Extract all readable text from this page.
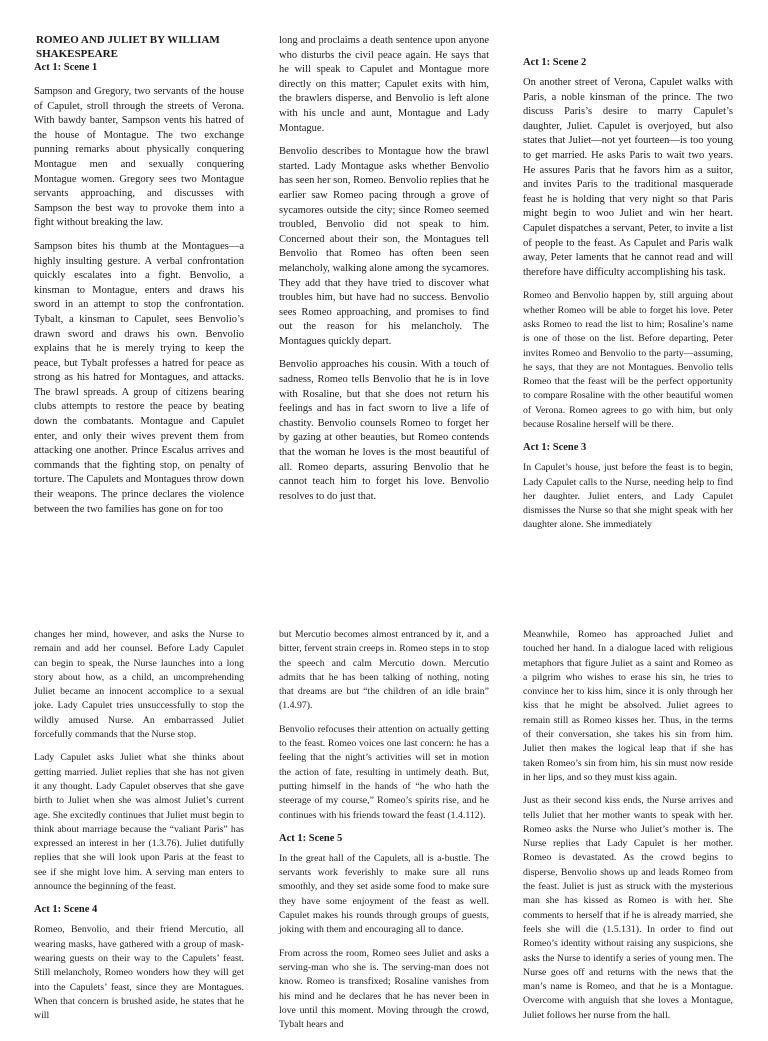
ROMEO AND JULIET BY WILLIAM SHAKESPEARE
Act 1: Scene 1

Sampson and Gregory, two servants of the house of Capulet, stroll through the streets of Verona. With bawdy banter, Sampson vents his hatred of the house of Montague. The two exchange punning remarks about physically conquering Montague men and sexually conquering Montague women. Gregory sees two Montague servants approaching, and discusses with Sampson the best way to provoke them into a fight without breaking the law.

Sampson bites his thumb at the Montagues—a highly insulting gesture. A verbal confrontation quickly escalates into a fight. Benvolio, a kinsman to Montague, enters and draws his sword in an attempt to stop the confrontation. Tybalt, a kinsman to Capulet, sees Benvolio’s drawn sword and draws his own. Benvolio explains that he is merely trying to keep the peace, but Tybalt professes a hatred for peace as strong as his hatred for Montagues, and attacks. The brawl spreads. A group of citizens bearing clubs attempts to restore the peace by beating down the combatants. Montague and Capulet enter, and only their wives prevent them from attacking one another. Prince Escalus arrives and commands that the fighting stop, on penalty of torture. The Capulets and Montagues throw down their weapons. The prince declares the violence between the two families has gone on for too

long and proclaims a death sentence upon anyone who disturbs the civil peace again. He says that he will speak to Capulet and Montague more directly on this matter; Capulet exits with him, the brawlers disperse, and Benvolio is left alone with his uncle and aunt, Montague and Lady Montague.

Benvolio describes to Montague how the brawl started. Lady Montague asks whether Benvolio has seen her son, Romeo. Benvolio replies that he earlier saw Romeo pacing through a grove of sycamores outside the city; since Romeo seemed troubled, Benvolio did not speak to him. Concerned about their son, the Montagues tell Benvolio that Romeo has often been seen melancholy, walking alone among the sycamores. They add that they have tried to discover what troubles him, but have had no success. Benvolio sees Romeo approaching, and promises to find out the reason for his melancholy. The Montagues quickly depart.

Benvolio approaches his cousin. With a touch of sadness, Romeo tells Benvolio that he is in love with Rosaline, but that she does not return his feelings and has in fact sworn to live a life of chastity. Benvolio counsels Romeo to forget her by gazing at other beauties, but Romeo contends that the woman he loves is the most beautiful of all. Romeo departs, assuring Benvolio that he cannot teach him to forget his love. Benvolio resolves to do just that.

Act 1: Scene 2

On another street of Verona, Capulet walks with Paris, a noble kinsman of the prince. The two discuss Paris’s desire to marry Capulet’s daughter, Juliet. Capulet is overjoyed, but also states that Juliet—not yet fourteen—is too young to get married. He asks Paris to wait two years. He assures Paris that he favors him as a suitor, and invites Paris to the traditional masquerade feast he is holding that very night so that Paris might begin to woo Juliet and win her heart. Capulet dispatches a servant, Peter, to invite a list of people to the feast. As Capulet and Paris walk away, Peter laments that he cannot read and will therefore have difficulty accomplishing his task.

Romeo and Benvolio happen by, still arguing about whether Romeo will be able to forget his love. Peter asks Romeo to read the list to him; Rosaline’s name is one of those on the list. Before departing, Peter invites Romeo and Benvolio to the party—assuming, he says, that they are not Montagues. Benvolio tells Romeo that the feast will be the perfect opportunity to compare Rosaline with the other beautiful women of Verona. Romeo agrees to go with him, but only because Rosaline herself will be there.

Act 1: Scene 3

In Capulet’s house, just before the feast is to begin, Lady Capulet calls to the Nurse, needing help to find her daughter. Juliet enters, and Lady Capulet dismisses the Nurse so that she might speak with her daughter alone. She immediately

changes her mind, however, and asks the Nurse to remain and add her counsel. Before Lady Capulet can begin to speak, the Nurse launches into a long story about how, as a child, an uncomprehending Juliet became an innocent accomplice to a sexual joke. Lady Capulet tries unsuccessfully to stop the wildly amused Nurse. An embarrassed Juliet forcefully commands that the Nurse stop.

Lady Capulet asks Juliet what she thinks about getting married. Juliet replies that she has not given it any thought. Lady Capulet observes that she gave birth to Juliet when she was almost Juliet’s current age. She excitedly continues that Juliet must begin to think about marriage because the “valiant Paris” has expressed an interest in her (1.3.76). Juliet dutifully replies that she will look upon Paris at the feast to see if she might love him. A serving man enters to announce the beginning of the feast.

Act 1: Scene 4

Romeo, Benvolio, and their friend Mercutio, all wearing masks, have gathered with a group of mask-wearing guests on their way to the Capulets’ feast. Still melancholy, Romeo wonders how they will get into the Capulets’ feast, since they are Montagues. When that concern is brushed aside, he states that he will

but Mercutio becomes almost entranced by it, and a bitter, fervent strain creeps in. Romeo steps in to stop the speech and calm Mercutio down. Mercutio admits that he has been talking of nothing, noting that dreams are but “the children of an idle brain” (1.4.97).

Benvolio refocuses their attention on actually getting to the feast. Romeo voices one last concern: he has a feeling that the night’s activities will set in motion the action of fate, resulting in untimely death. But, putting himself in the hands of “he who hath the steerage of my course,” Romeo’s spirits rise, and he continues with his friends toward the feast (1.4.112).

Act 1: Scene 5

In the great hall of the Capulets, all is a-bustle. The servants work feverishly to make sure all runs smoothly, and they set aside some food to make sure they have some enjoyment of the feast as well. Capulet makes his rounds through groups of guests, joking with them and encouraging all to dance.

From across the room, Romeo sees Juliet and asks a serving-man who she is. The serving-man does not know. Romeo is transfixed; Rosaline vanishes from his mind and he declares that he has never been in love until this moment. Moving through the crowd, Tybalt hears and

Meanwhile, Romeo has approached Juliet and touched her hand. In a dialogue laced with religious metaphors that figure Juliet as a saint and Romeo as a pilgrim who wishes to erase his sin, he tries to convince her to kiss him, since it is only through her kiss that he might be absolved. Juliet agrees to remain still as Romeo kisses her. Thus, in the terms of their conversation, she takes his sin from him. Juliet then makes the logical leap that if she has taken Romeo’s sin from him, his sin must now reside in her lips, and so they must kiss again.

Just as their second kiss ends, the Nurse arrives and tells Juliet that her mother wants to speak with her. Romeo asks the Nurse who Juliet’s mother is. The Nurse replies that Lady Capulet is her mother. Romeo is devastated. As the crowd begins to disperse, Benvolio shows up and leads Romeo from the feast. Juliet is just as struck with the mysterious man she has kissed as Romeo is with her. She comments to herself that if he is already married, she feels she will die (1.5.131). In order to find out Romeo’s identity without raising any suspicions, she asks the Nurse to identify a series of young men. The Nurse goes off and returns with the news that the man’s name is Romeo, and that he is a Montague. Overcome with anguish that she loves a Montague, Juliet follows her nurse from the hall.
